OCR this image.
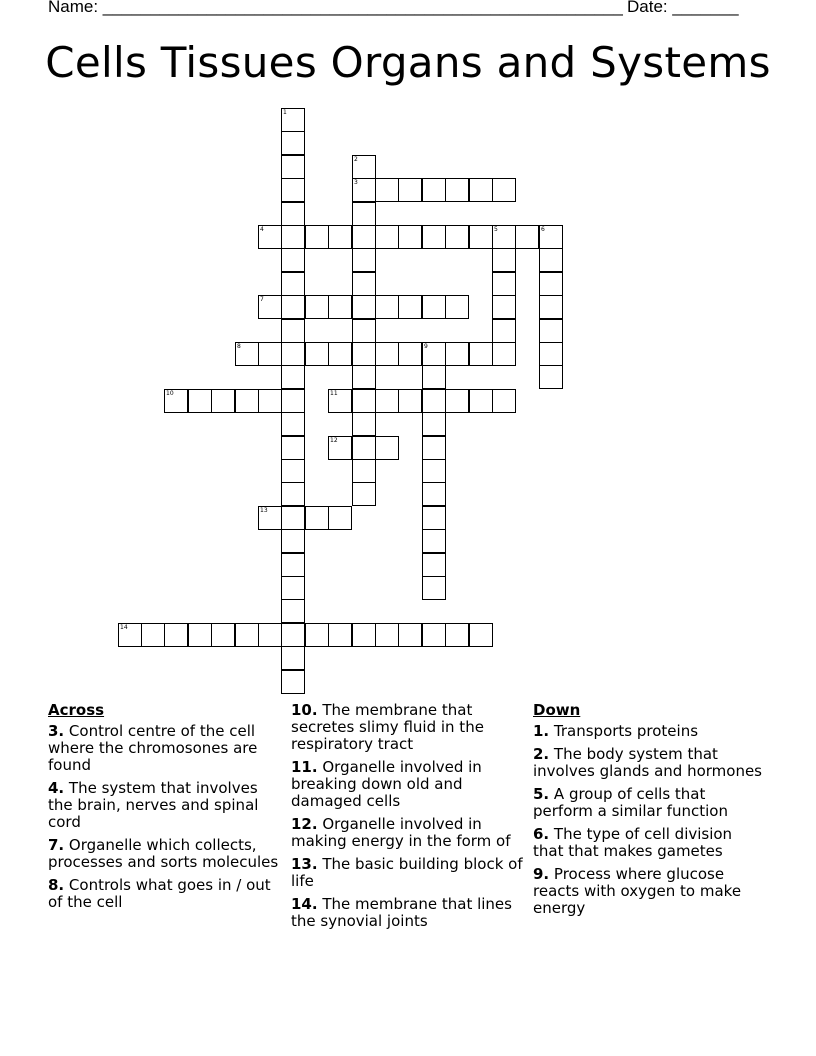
Name: _______________________________________________________ Date: _______
Cells Tissues Organs and Systems
1
2
3
4	5	6
7
8	9
10	11
12
13
14
Across
3. Control centre of the cell where the chromosones are found
4. The system that involves the brain, nerves and spinal cord
7. Organelle which collects, processes and sorts molecules
8. Controls what goes in / out of the cell
10. The membrane that secretes slimy fluid in the respiratory tract
11. Organelle involved in breaking down old and damaged cells
12. Organelle involved in making energy in the form of
13. The basic building block of life
14. The membrane that lines the synovial joints
Down
1. Transports proteins
2. The body system that involves glands and hormones
5. A group of cells that perform a similar function
6. The type of cell division that that makes gametes
9. Process where glucose reacts with oxygen to make energy
